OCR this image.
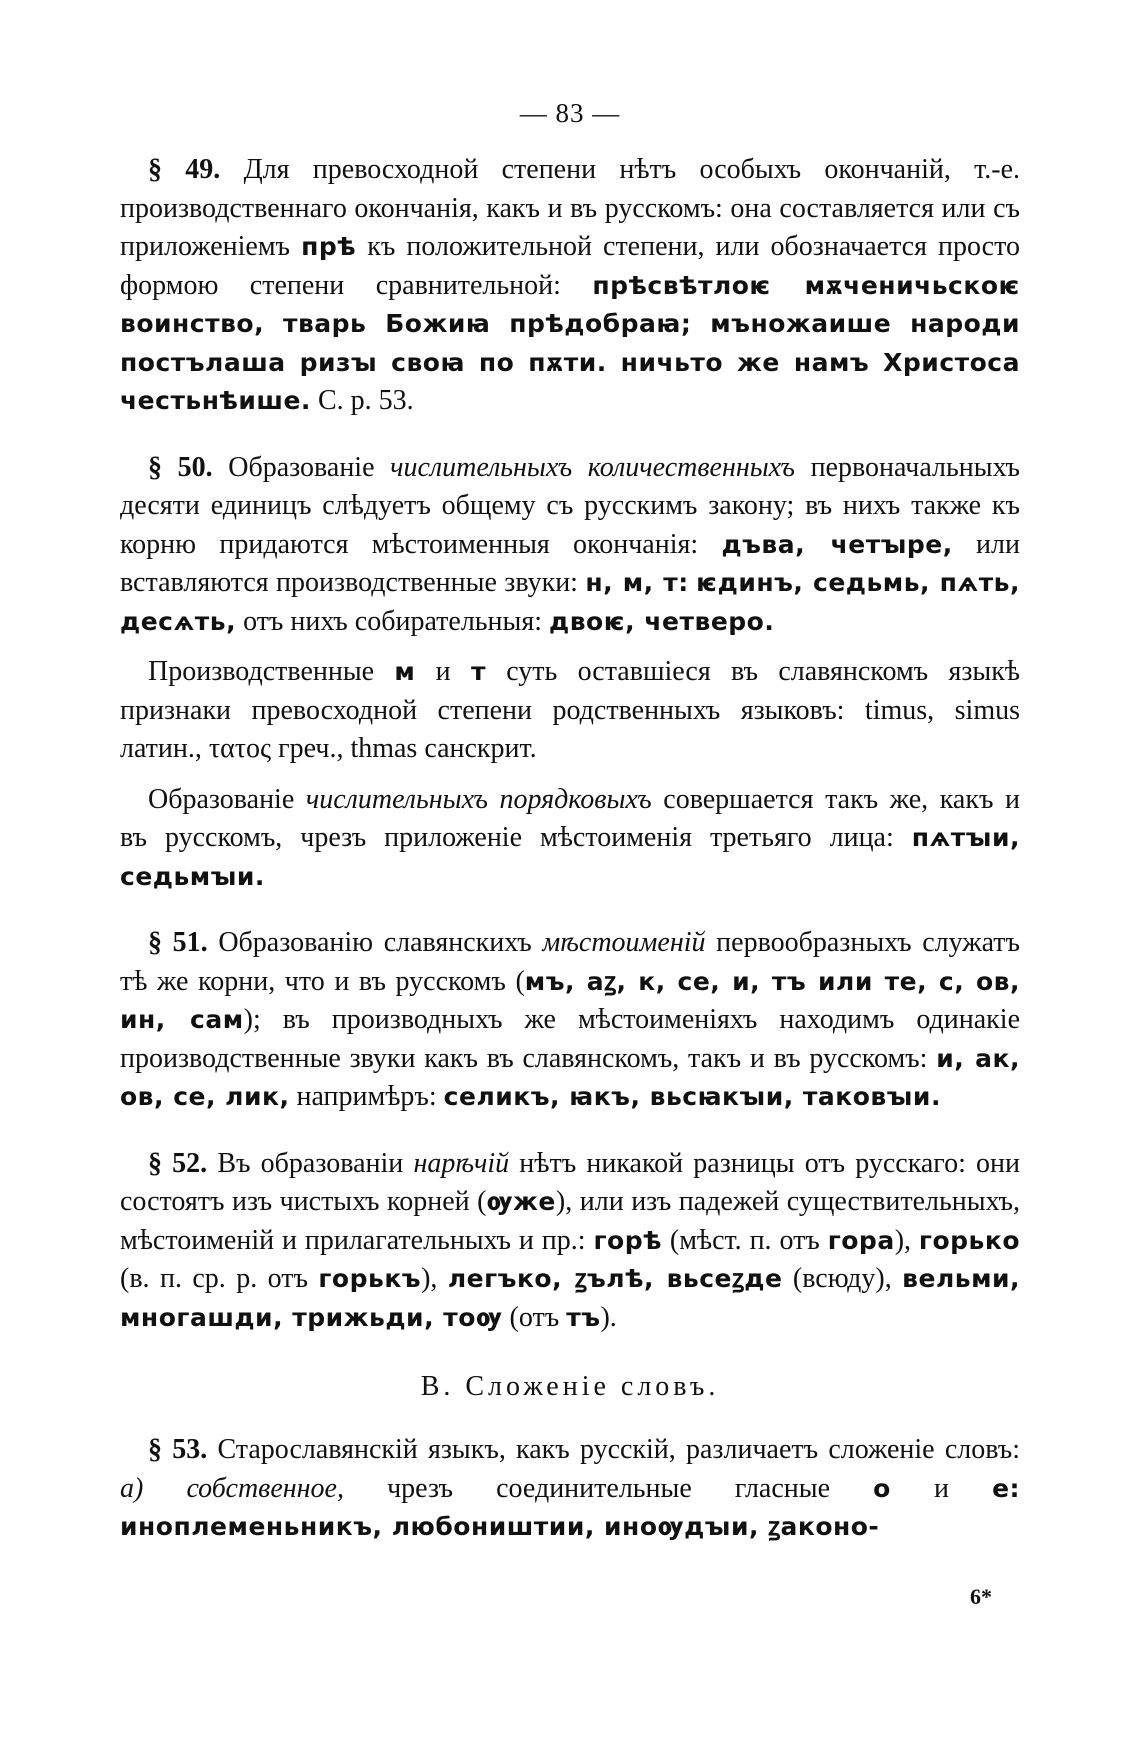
— 83 —

§ 49. Для превосходной степени нѣтъ особыхъ окончаній, т.-е. производственнаго окончанія, какъ и въ русскомъ: она составляется или съ приложеніемъ прѣ къ положительной степени, или обозначается просто формою степени сравнительной: прѣсвѣтлоѥ мѫченичьскоѥ воинство, тварь Божиꙗ прѣдобраꙗ; мъножаише народи постълаша ризꙑ своꙗ по пѫти. ничьто же намъ Христоса честьнѣише. С. р. 53.

§ 50. Образованіе числительныхъ количественныхъ первоначальныхъ десяти единицъ слѣдуетъ общему съ русскимъ закону; въ нихъ также къ корню придаются мѣстоименныя окончанія: дъва, четꙑре, или вставляются производственные звуки: н, м, т: ѥдинъ, седьмь, пѧть, десѧть, отъ нихъ собирательныя: двоѥ, четверо.

Производственные м и т суть оставшіеся въ славянскомъ языкѣ признаки превосходной степени родственныхъ языковъ: timus, simus латин., τατος греч., thmas санскрит.

Образованіе числительныхъ порядковыхъ совершается такъ же, какъ и въ русскомъ, чрезъ приложеніе мѣстоименія третьяго лица: пѧтꙑи, седьмꙑи.

§ 51. Образованію славянскихъ мѣстоименій первообразныхъ служатъ тѣ же корни, что и въ русскомъ (мъ, аꙁ, к, се, и, тъ или те, с, ов, ин, сам); въ производныхъ же мѣстоименіяхъ находимъ одинакіе производственные звуки какъ въ славянскомъ, такъ и въ русскомъ: и, ак, ов, се, лик, напримѣръ: селикъ, ꙗкъ, вьсꙗкꙑи, таковꙑи.

§ 52. Въ образованіи нарѣчій нѣтъ никакой разницы отъ русскаго: они состоятъ изъ чистыхъ корней (ѹже), или изъ падежей существительныхъ, мѣстоименій и прилагательныхъ и пр.: горѣ (мѣст. п. отъ гора), горько (в. п. ср. р. отъ горькъ), легъко, ꙁълѣ, вьсеꙁде (всюду), вельми, многашди, трижьди, тоѹ (отъ тъ).

В. Сложеніе словъ.

§ 53. Старославянскій языкъ, какъ русскій, различаетъ сложеніе словъ: а) собственное, чрезъ соединительные гласные о и е: иноплеменьникъ, любоништии, иноѹдꙑи, ꙁаконо-

6*
